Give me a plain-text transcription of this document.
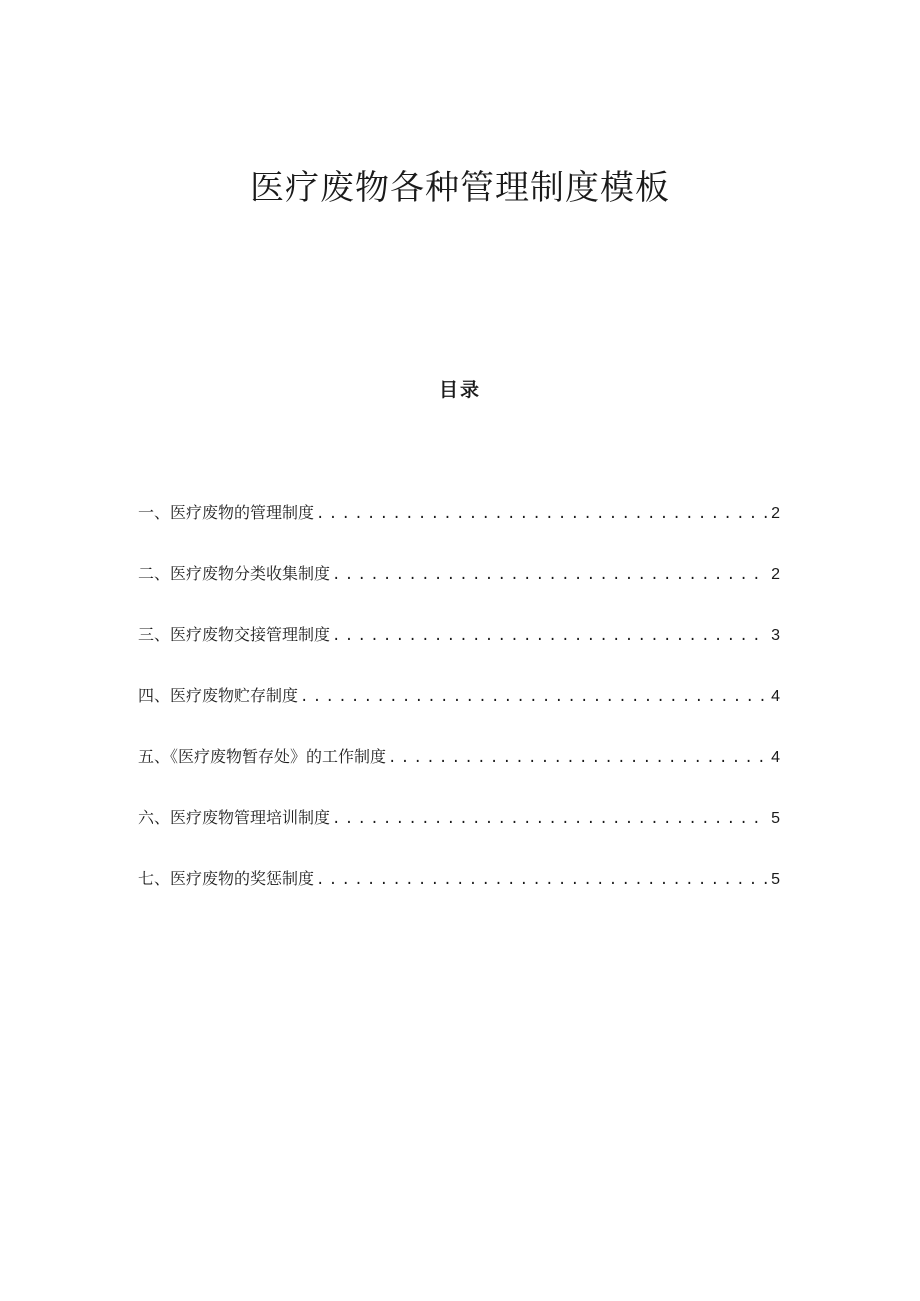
医疗废物各种管理制度模板
目录
一、医疗废物的管理制度 .....	2
二、医疗废物分类收集制度 .....	2
三、医疗废物交接管理制度 .....	3
四、医疗废物贮存制度 .....	4
五、《医疗废物暂存处》的工作制度 .....	4
六、医疗废物管理培训制度 .....	5
七、医疗废物的奖惩制度 .....	5
